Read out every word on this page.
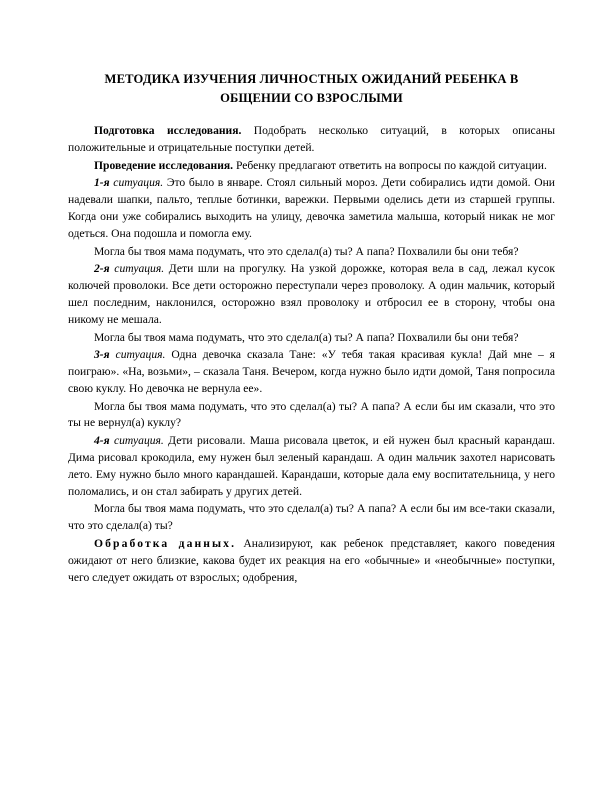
МЕТОДИКА ИЗУЧЕНИЯ ЛИЧНОСТНЫХ ОЖИДАНИЙ РЕБЕНКА В ОБЩЕНИИ СО ВЗРОСЛЫМИ

Подготовка исследования. Подобрать несколько ситуаций, в которых описаны положительные и отрицательные поступки детей.

Проведение исследования. Ребенку предлагают ответить на вопросы по каждой ситуации.

1-я ситуация. Это было в январе. Стоял сильный мороз. Дети собирались идти домой. Они надевали шапки, пальто, теплые ботинки, варежки. Первыми оделись дети из старшей группы. Когда они уже собирались выходить на улицу, девочка заметила малыша, который никак не мог одеться. Она подошла и помогла ему.

Могла бы твоя мама подумать, что это сделал(а) ты? А папа? Похвалили бы они тебя?

2-я ситуация. Дети шли на прогулку. На узкой дорожке, которая вела в сад, лежал кусок колючей проволоки. Все дети осторожно переступали через проволоку. А один мальчик, который шел последним, наклонился, осторожно взял проволоку и отбросил ее в сторону, чтобы она никому не мешала.

Могла бы твоя мама подумать, что это сделал(а) ты? А папа? Похвалили бы они тебя?

3-я ситуация. Одна девочка сказала Тане: «У тебя такая красивая кукла! Дай мне – я поиграю». «На, возьми», – сказала Таня. Вечером, когда нужно было идти домой, Таня попросила свою куклу. Но девочка не вернула ее».

Могла бы твоя мама подумать, что это сделал(а) ты? А папа? А если бы им сказали, что это ты не вернул(а) куклу?

4-я ситуация. Дети рисовали. Маша рисовала цветок, и ей нужен был красный карандаш. Дима рисовал крокодила, ему нужен был зеленый карандаш. А один мальчик захотел нарисовать лето. Ему нужно было много карандашей. Карандаши, которые дала ему воспитательница, у него поломались, и он стал забирать у других детей.

Могла бы твоя мама подумать, что это сделал(а) ты? А папа? А если бы им все-таки сказали, что это сделал(а) ты?

Обработка данных. Анализируют, как ребенок представляет, какого поведения ожидают от него близкие, какова будет их реакция на его «обычные» и «необычные» поступки, чего следует ожидать от взрослых; одобрения,
